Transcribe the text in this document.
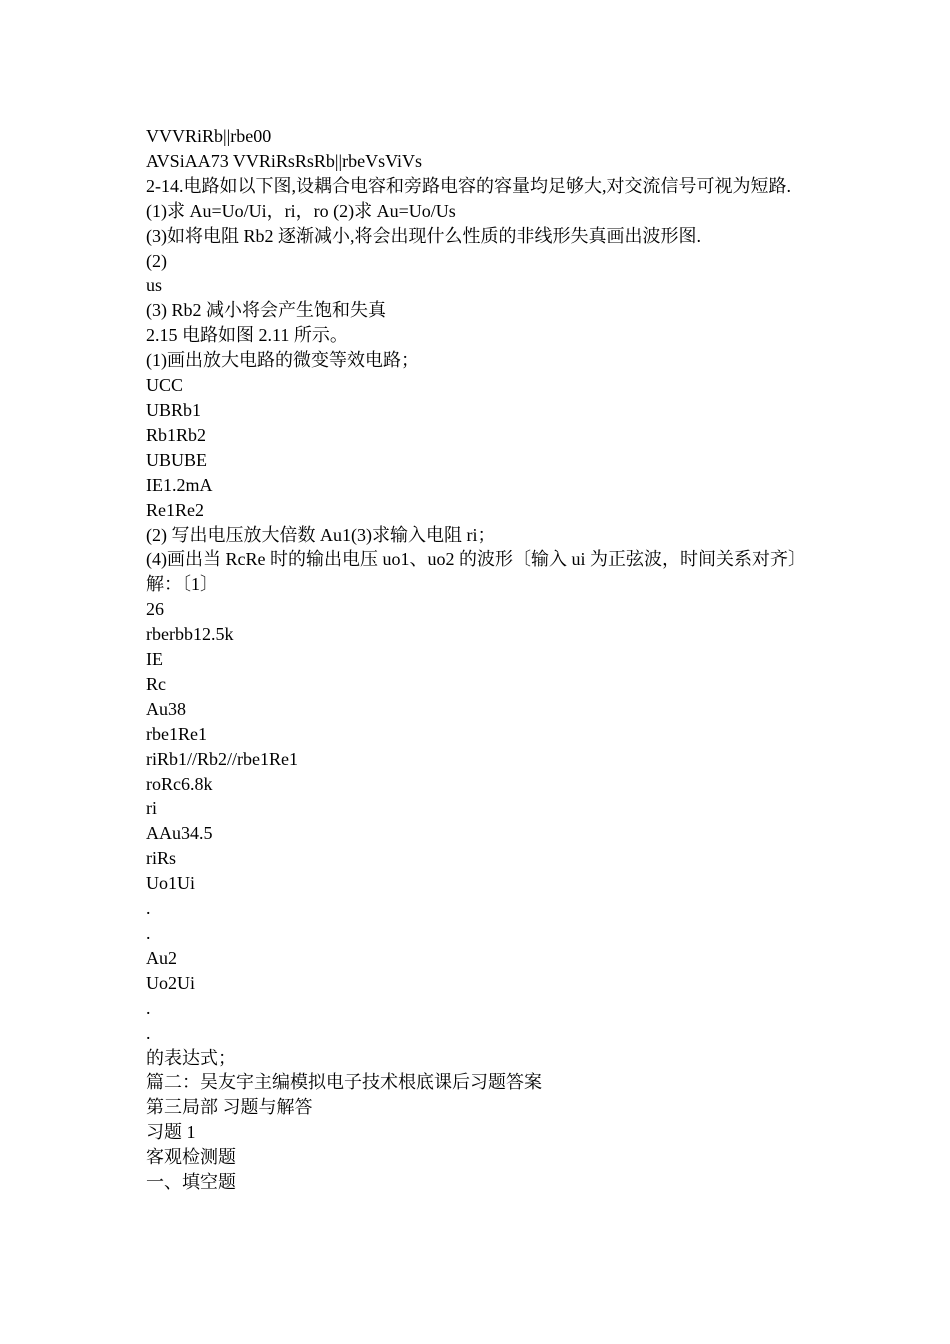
VVVRiRb||rbe00
AVSiAA73 VVRiRsRsRb||rbeVsViVs
2-14.电路如以下图,设耦合电容和旁路电容的容量均足够大,对交流信号可视为短路.
(1)求 Au=Uo/Ui，ri，ro (2)求 Au=Uo/Us
(3)如将电阻 Rb2 逐渐减小,将会出现什么性质的非线形失真画出波形图.
(2)
us
(3) Rb2 减小将会产生饱和失真
2.15 电路如图 2.11 所示。
(1)画出放大电路的微变等效电路；
UCC
UBRb1
Rb1Rb2
UBUBE
IE1.2mA
Re1Re2
(2) 写出电压放大倍数 Au1(3)求输入电阻 ri；
(4)画出当 RcRe 时的输出电压 uo1、uo2 的波形〔输入 ui 为正弦波，时间关系对齐〕 解：〔1〕
26
rberbb12.5k
IE
Rc
Au38
rbe1Re1
riRb1//Rb2//rbe1Re1
roRc6.8k
ri
AAu34.5
riRs
Uo1Ui
.
.
Au2
Uo2Ui
.
.
的表达式；
篇二：吴友宇主编模拟电子技术根底课后习题答案
第三局部 习题与解答
习题 1
客观检测题
一、填空题
